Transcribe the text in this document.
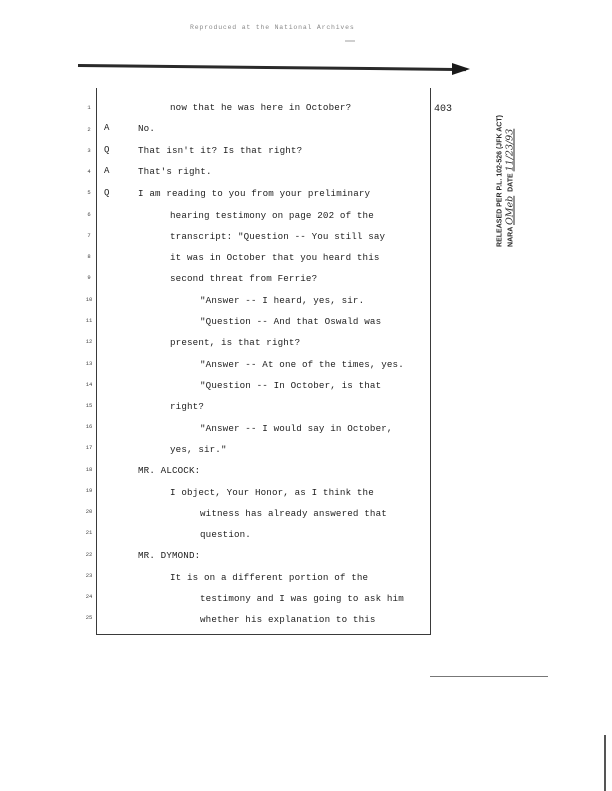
Reproduced at the National Archives
403
1	now that he was here in October?
2	A	No.
3	Q	That isn't it? Is that right?
4	A	That's right.
5	Q	I am reading to you from your preliminary
6	hearing testimony on page 202 of the
7	transcript: "Question -- You still say
8	it was in October that you heard this
9	second threat from Ferrie?
10	"Answer -- I heard, yes, sir.
11	"Question -- And that Oswald was
12	present, is that right?
13	"Answer -- At one of the times, yes.
14	"Question -- In October, is that
15	right?
16	"Answer -- I would say in October,
17	yes, sir."
18	MR. ALCOCK:
19	I object, Your Honor, as I think the
20	witness has already answered that
21	question.
22	MR. DYMOND:
23	It is on a different portion of the
24	testimony and I was going to ask him
25	whether his explanation to this
RELEASED PER P.L. 102-526 (JFK ACT) NARA OMeb  DATE 11/23/93
